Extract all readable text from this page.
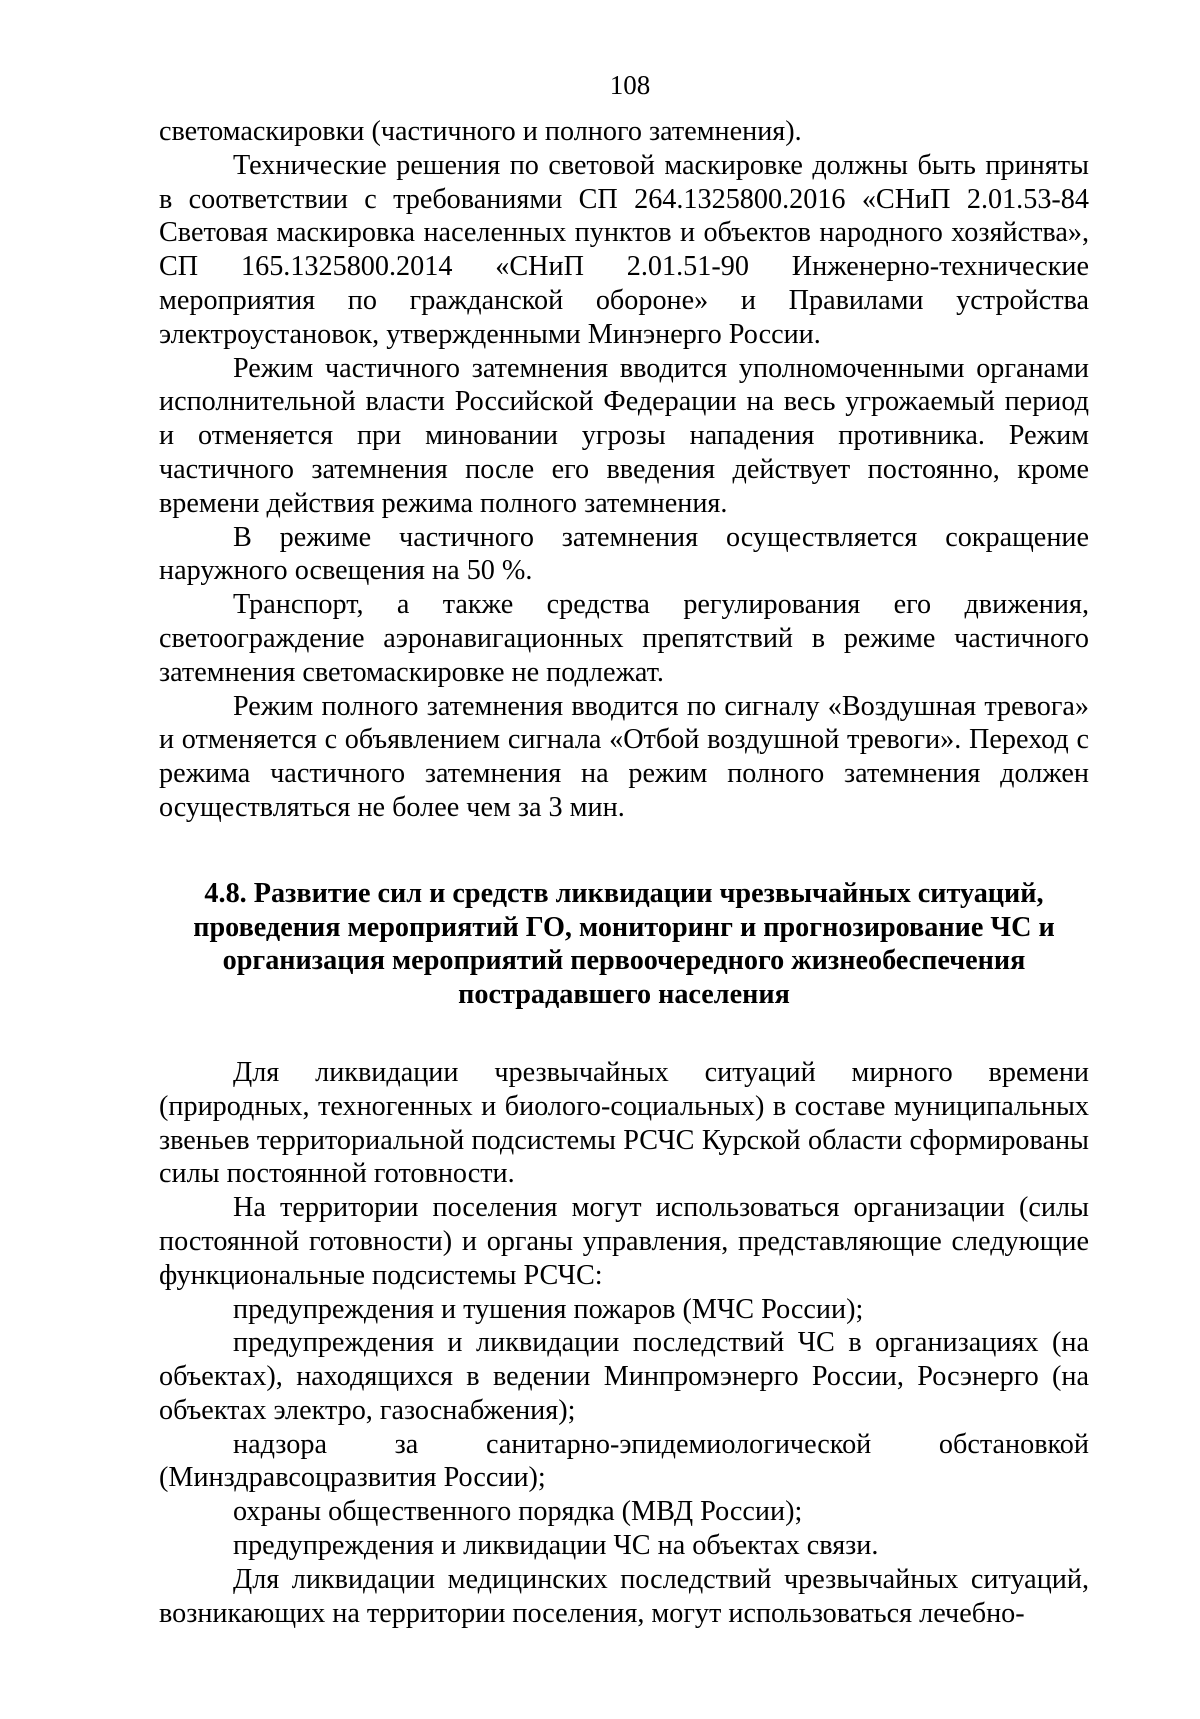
108

светомаскировки (частичного и полного затемнения).

Технические решения по световой маскировке должны быть приняты в соответствии с требованиями СП 264.1325800.2016 «СНиП 2.01.53-84 Световая маскировка населенных пунктов и объектов народного хозяйства», СП 165.1325800.2014 «СНиП 2.01.51-90 Инженерно-технические мероприятия по гражданской обороне» и Правилами устройства электроустановок, утвержденными Минэнерго России.

Режим частичного затемнения вводится уполномоченными органами исполнительной власти Российской Федерации на весь угрожаемый период и отменяется при миновании угрозы нападения противника. Режим частичного затемнения после его введения действует постоянно, кроме времени действия режима полного затемнения.

В режиме частичного затемнения осуществляется сокращение наружного освещения на 50 %.

Транспорт, а также средства регулирования его движения, светоограждение аэронавигационных препятствий в режиме частичного затемнения светомаскировке не подлежат.

Режим полного затемнения вводится по сигналу «Воздушная тревога» и отменяется с объявлением сигнала «Отбой воздушной тревоги». Переход с режима частичного затемнения на режим полного затемнения должен осуществляться не более чем за 3 мин.

4.8. Развитие сил и средств ликвидации чрезвычайных ситуаций,
проведения мероприятий ГО, мониторинг и прогнозирование ЧС и
организация мероприятий первоочередного жизнеобеспечения
пострадавшего населения

Для ликвидации чрезвычайных ситуаций мирного времени (природных, техногенных и биолого-социальных) в составе муниципальных звеньев территориальной подсистемы РСЧС Курской области сформированы силы постоянной готовности.

На территории поселения могут использоваться организации (силы постоянной готовности) и органы управления, представляющие следующие функциональные подсистемы РСЧС:

предупреждения и тушения пожаров (МЧС России);

предупреждения и ликвидации последствий ЧС в организациях (на объектах), находящихся в ведении Минпромэнерго России, Росэнерго (на объектах электро, газоснабжения);

надзора за санитарно-эпидемиологической обстановкой (Минздравсоцразвития России);

охраны общественного порядка (МВД России);

предупреждения и ликвидации ЧС на объектах связи.

Для ликвидации медицинских последствий чрезвычайных ситуаций, возникающих на территории поселения, могут использоваться лечебно-
